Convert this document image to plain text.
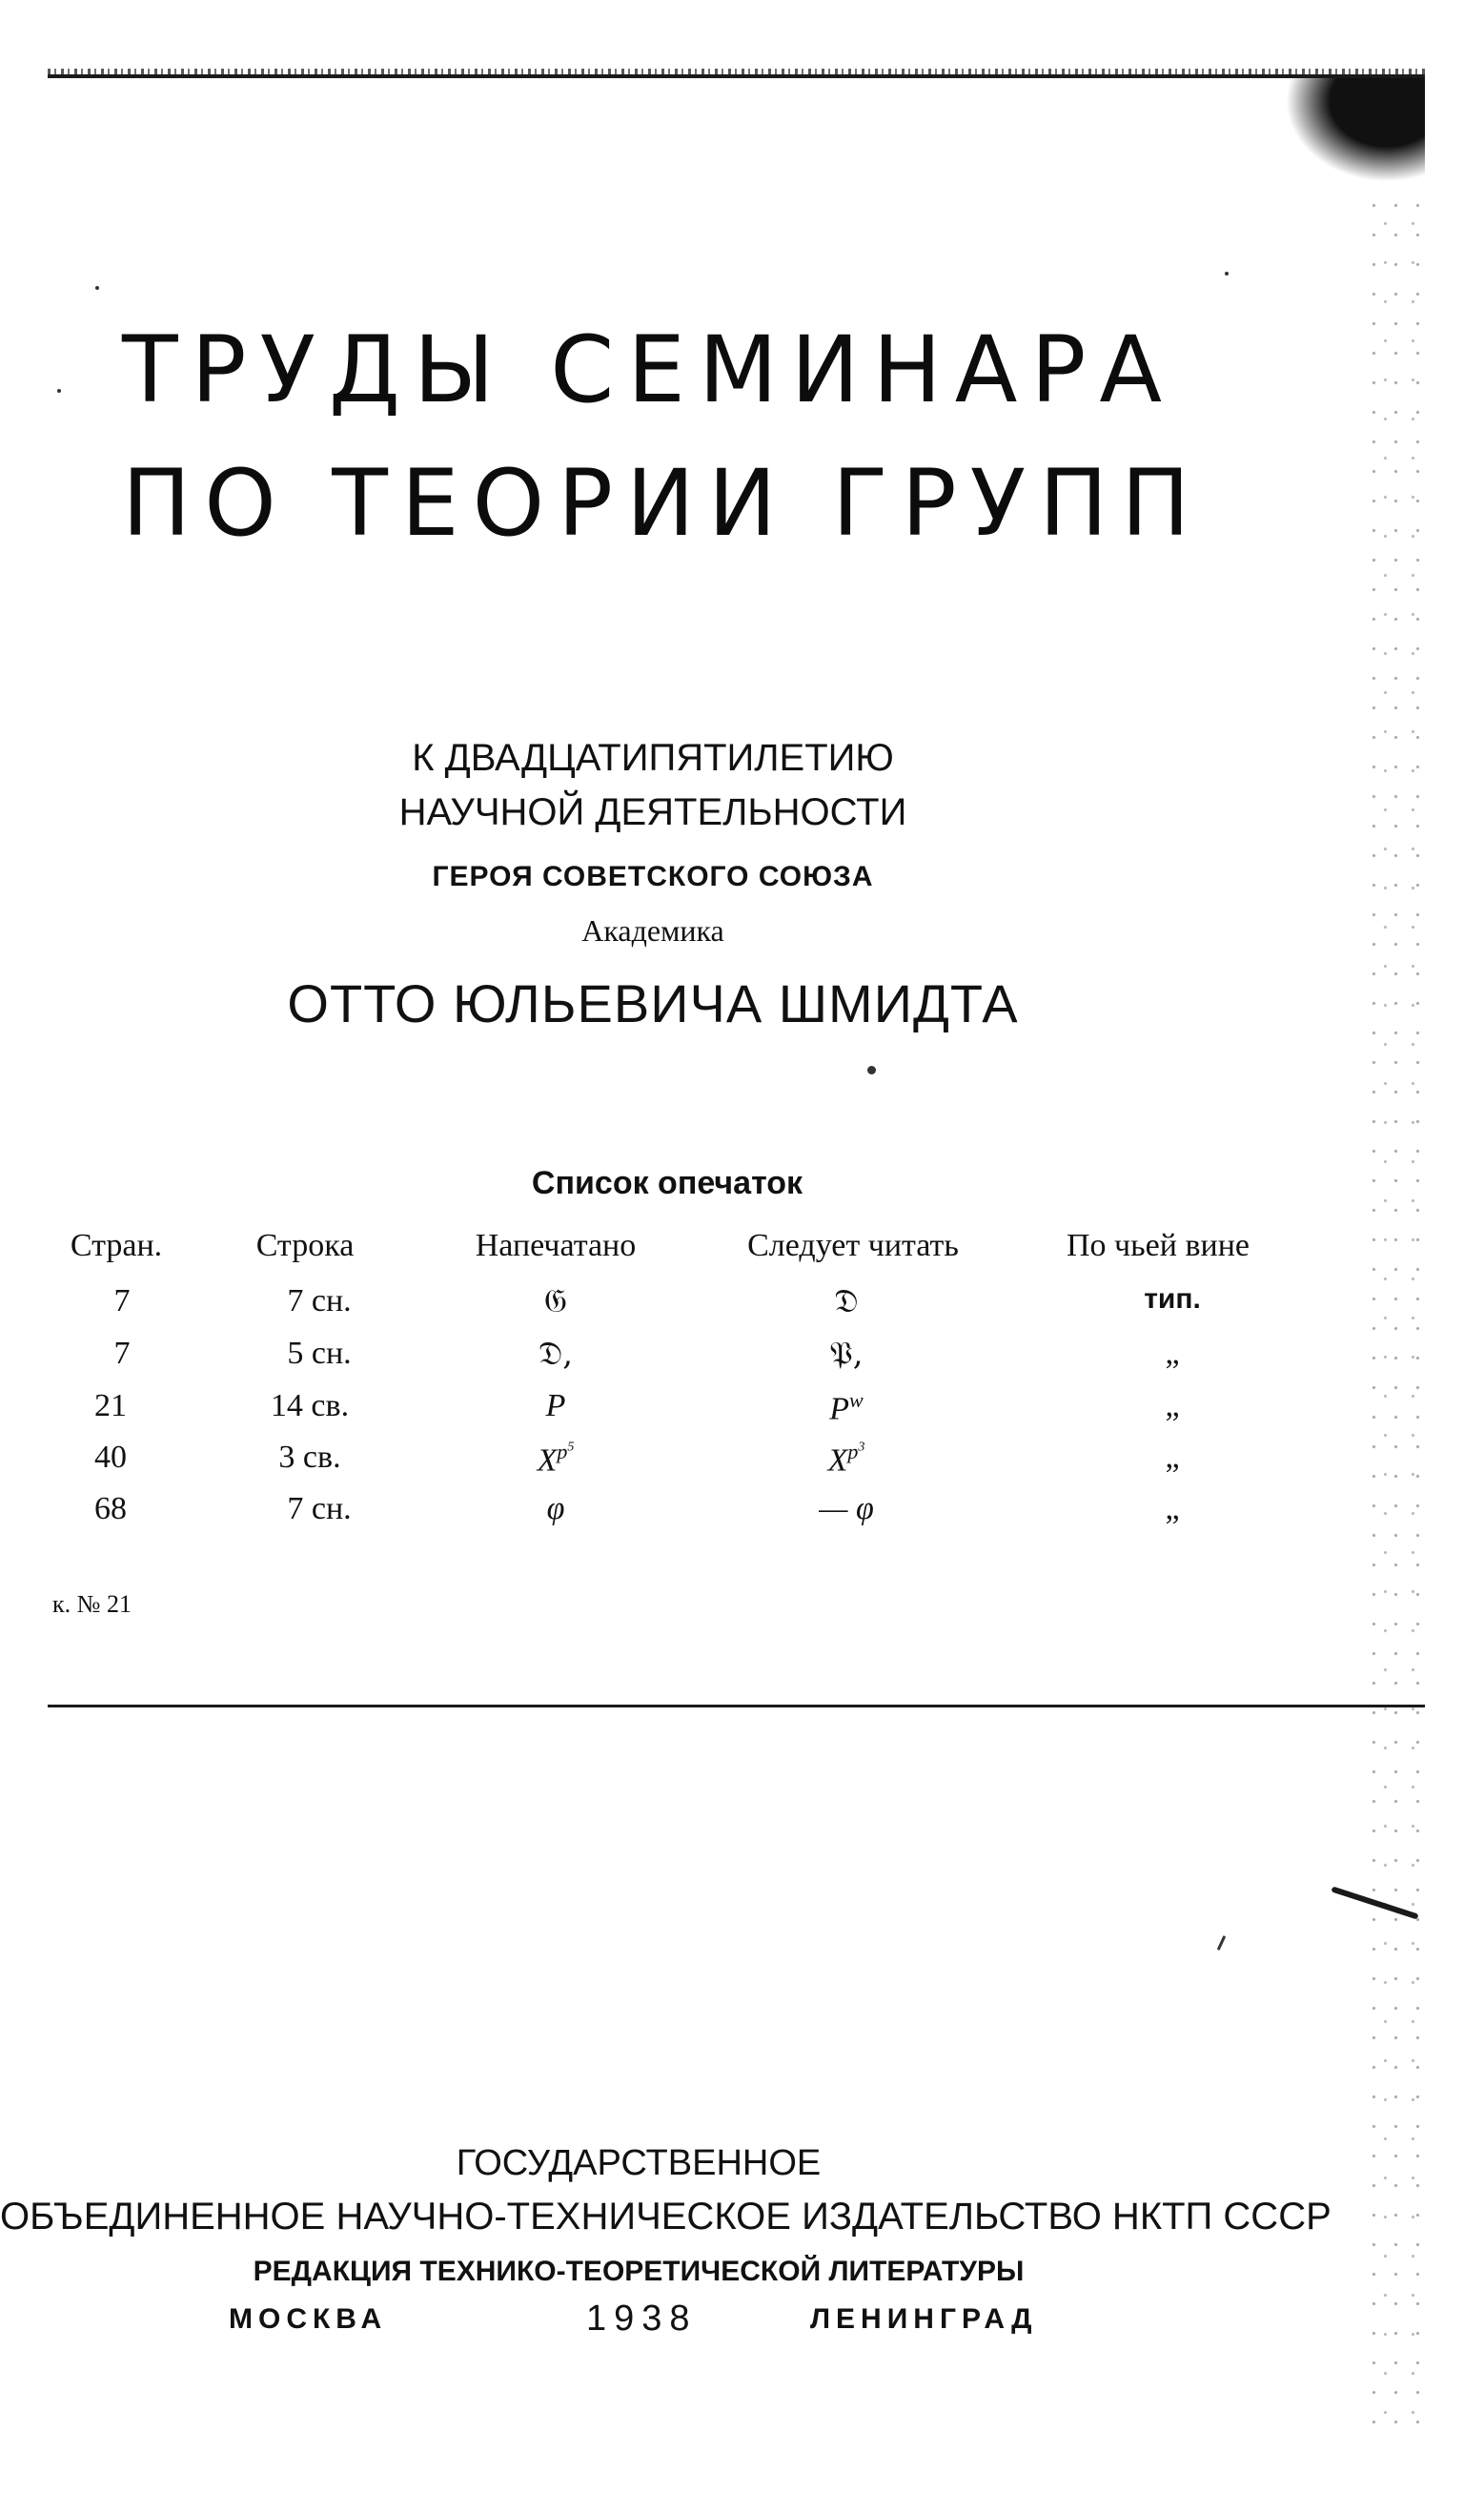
ТРУДЫ СЕМИНАРА
ПО ТЕОРИИ ГРУПП
К ДВАДЦАТИПЯТИЛЕТИЮ
НАУЧНОЙ ДЕЯТЕЛЬНОСТИ
ГЕРОЯ СОВЕТСКОГО СОЮЗА
Академика
ОТТО ЮЛЬЕВИЧА ШМИДТА
Список опечаток
Стран.	Строка	Напечатано	Следует читать	По чьей вине
7	7 сн.	𝔊	𝔇	тип.
7	5 сн.	𝔇,	𝔓,	„
21	14 св.	P	$P^w$	„
40	3 св.	$X^{p^5}$	$X^{p^3}$	„
68	7 сн.	φ	— φ	„
к. № 21
ГОСУДАРСТВЕННОЕ
ОБЪЕДИНЕННОЕ НАУЧНО-ТЕХНИЧЕСКОЕ ИЗДАТЕЛЬСТВО НКТП СССР
РЕДАКЦИЯ ТЕХНИКО-ТЕОРЕТИЧЕСКОЙ ЛИТЕРАТУРЫ
МОСКВА	1938	ЛЕНИНГРАД
